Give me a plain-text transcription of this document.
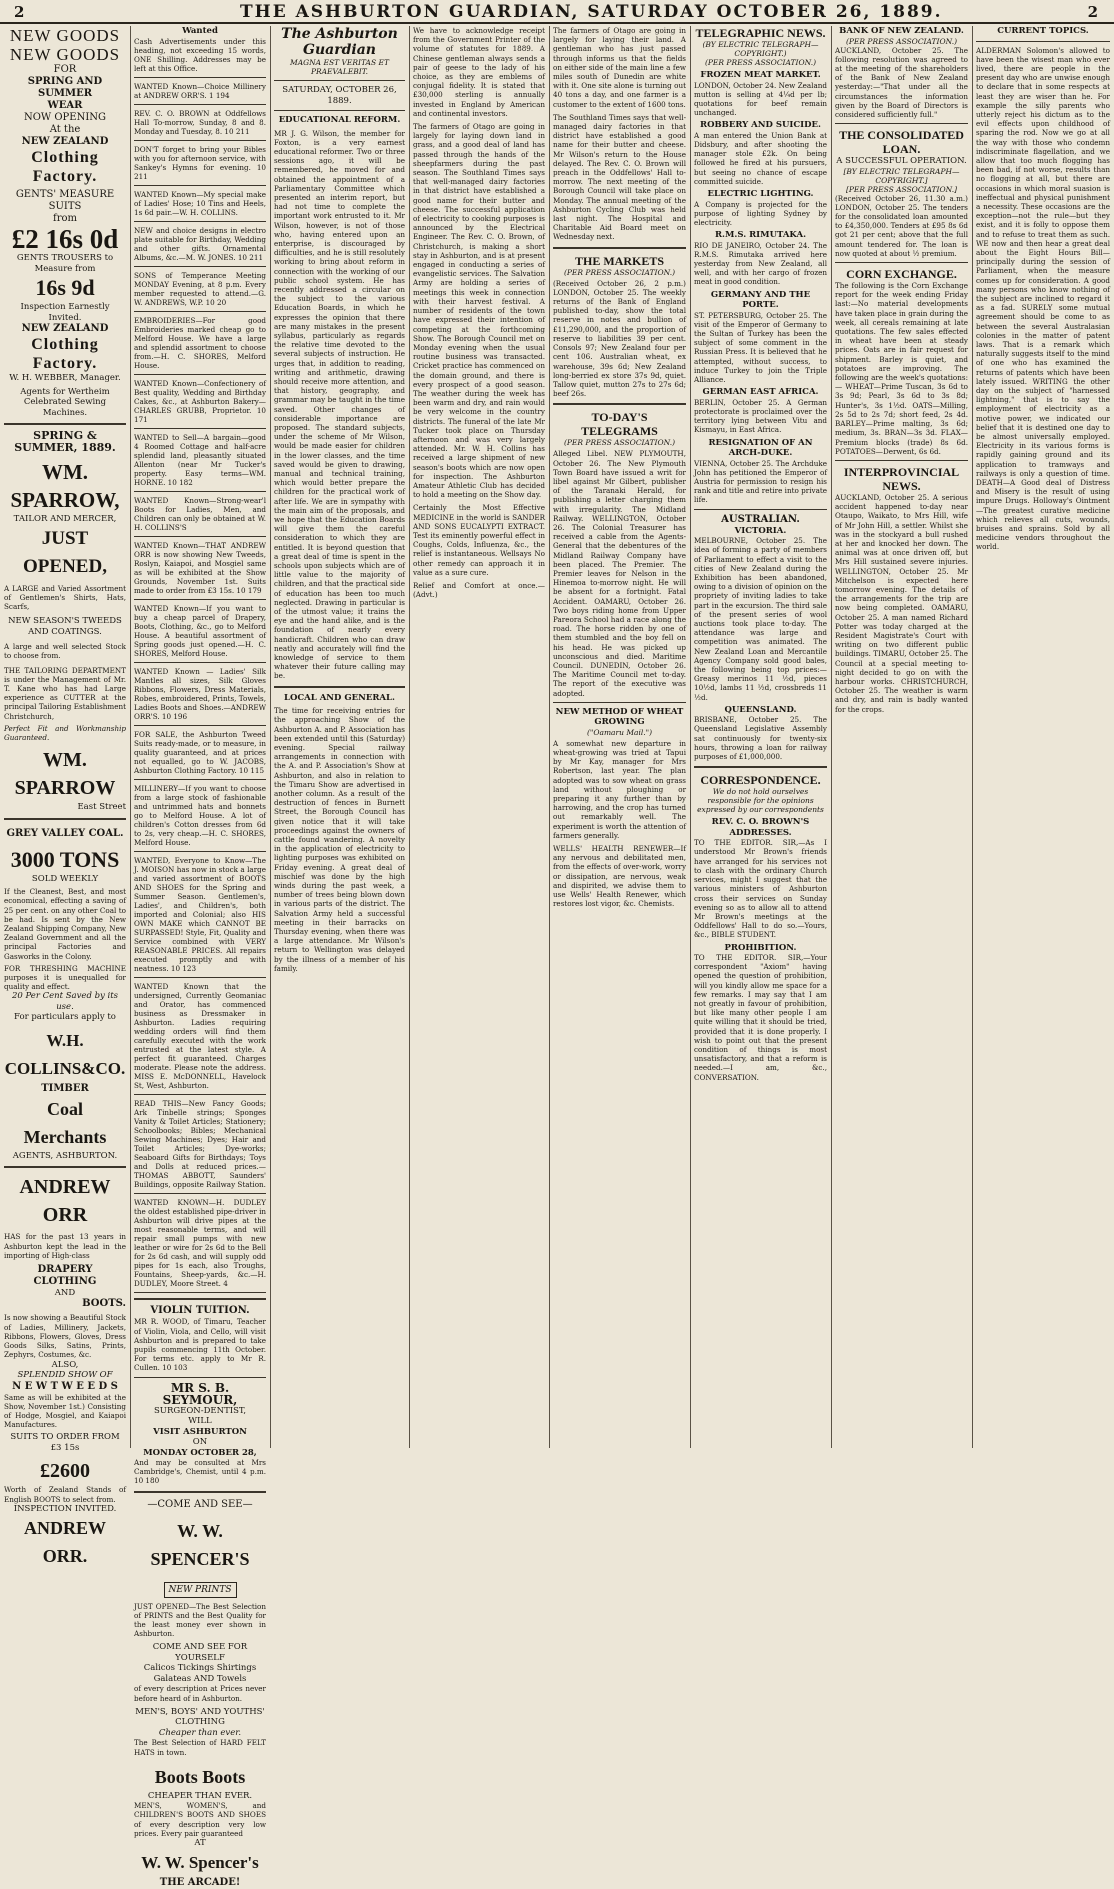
2	THE ASHBURTON GUARDIAN, SATURDAY OCTOBER 26, 1889.	2
NEW GOODS
NEW GOODS
FOR
SPRING AND SUMMER
WEAR
NOW OPENING
At the
NEW ZEALAND
Clothing Factory.
GENTS' MEASURE SUITS
from
£2 16s 0d
GENTS TROUSERS to Measure from
16s 9d
Inspection Earnestly Invited.
NEW ZEALAND
Clothing Factory.
W. H. WEBBER, Manager.
Agents for Wertheim Celebrated Sewing Machines.
SPRING & SUMMER, 1889.
WM. SPARROW,
TAILOR AND MERCER,
JUST OPENED,
A LARGE and Varied Assortment of Gentlemen's Shirts, Hats, Scarfs,
NEW SEASON'S TWEEDS AND COATINGS.
A large and well selected Stock to choose from.
THE TAILORING DEPARTMENT is under the Management of Mr. T. Kane who has had Large experience as CUTTER at the principal Tailoring Establishment Christchurch,
Perfect Fit and Workmanship Guaranteed.
WM. SPARROW
East Street
GREY VALLEY COAL.
3000 TONS
SOLD WEEKLY
If the Cleanest, Best, and most economical, effecting a saving of 25 per cent. on any other Coal to be had. Is sent by the New Zealand Shipping Company, New Zealand Government and all the principal Factories and Gasworks in the Colony.
FOR THRESHING MACHINE purposes it is unequalled for quality and effect.
20 Per Cent Saved by its use.
For particulars apply to
W.H. COLLINS&CO.
TIMBER
Coal Merchants
AGENTS, ASHBURTON.
ANDREW ORR
HAS for the past 13 years in Ashburton kept the lead in the importing of High-class
DRAPERY
CLOTHING
AND
BOOTS.
Is now showing a Beautiful Stock of Ladies, Millinery, Jackets, Ribbons, Flowers, Gloves, Dress Goods Silks, Satins, Prints, Zephyrs, Costumes, &c.
ALSO,
SPLENDID SHOW OF
N E W T W E E D S
Same as will be exhibited at the Show, November 1st.) Consisting of Hodge, Mosgiel, and Kaiapoi Manufactures.
SUITS TO ORDER FROM £3 15s
£2600
Worth of Zealand Stands of English BOOTS to select from.
INSPECTION INVITED.
ANDREW ORR.
Wanted
Cash Advertisements under this heading, not exceeding 15 words, ONE Shilling. Addresses may be left at this Office.
WANTED Known—Choice Millinery at ANDREW ORR'S. 1 194
REV. C. O. BROWN at Oddfellows Hall To-morrow, Sunday, 8 and 8. Monday and Tuesday, 8. 10 211
DON'T forget to bring your Bibles with you for afternoon service, with Sankey's Hymns for evening. 10 211
WANTED Known—My special make of Ladies' Hose; 10 Tins and Heels, 1s 6d pair.—W. H. COLLINS.
NEW and choice designs in electro plate suitable for Birthday, Wedding and other gifts. Ornamental Albums, &c.—M. W. JONES. 10 211
SONS of Temperance Meeting MONDAY Evening, at 8 p.m. Every member requested to attend.—G. W. ANDREWS, W.P. 10 20
EMBROIDERIES—For good Embroideries marked cheap go to Melford House. We have a large and splendid assortment to choose from.—H. C. SHORES, Melford House.
WANTED Known—Confectionery of Best quality, Wedding and Birthday Cakes, &c., at Ashburton Bakery—CHARLES GRUBB, Proprietor. 10 171
WANTED to Sell—A bargain—good 4 Roomed Cottage and half-acre splendid land, pleasantly situated Allenton (near Mr Tucker's property. Easy terms—WM. HORNE. 10 182
WANTED Known—Strong-wear'l Boots for Ladies, Men, and Children can only be obtained at W. H. COLLINS'S
WANTED Known—THAT ANDREW ORR is now showing New Tweeds, Roslyn, Kaiapoi, and Mosgiel same as will be exhibited at the Show Grounds, November 1st. Suits made to order from £3 15s. 10 179
WANTED Known—If you want to buy a cheap parcel of Drapery, Boots, Clothing, &c., go to Melford House. A beautiful assortment of Spring goods just opened.—H. C. SHORES, Melford House.
WANTED Known — Ladies' Silk Mantles all sizes, Silk Gloves Ribbons, Flowers, Dress Materials, Robes, embroidered, Prints, Towels, Ladies Boots and Shoes.—ANDREW ORR'S. 10 196
FOR SALE, the Ashburton Tweed Suits ready-made, or to measure, in quality guaranteed, and at prices not equalled, go to W. JACOBS, Ashburton Clothing Factory. 10 115
MILLINERY—If you want to choose from a large stock of fashionable and untrimmed hats and bonnets go to Melford House. A lot of children's Cotton dresses from 6d to 2s, very cheap.—H. C. SHORES, Melford House.
WANTED, Everyone to Know—The J. MOISON has now in stock a large and varied assortment of BOOTS AND SHOES for the Spring and Summer Season. Gentlemen's, Ladies', and Children's, both imported and Colonial; also HIS OWN MAKE which CANNOT BE SURPASSED! Style, Fit, Quality and Service combined with VERY REASONABLE PRICES. All repairs executed promptly and with neatness. 10 123
WANTED Known that the undersigned, Currently Geomaniac and Orator, has commenced business as Dressmaker in Ashburton. Ladies requiring wedding orders will find them carefully executed with the work entrusted at the latest style. A perfect fit guaranteed. Charges moderate. Please note the address. MISS E. McDONNELL, Havelock St, West, Ashburton.
READ THIS—New Fancy Goods; Ark Tinbelle strings; Sponges Vanity & Toilet Articles; Stationery; Schoolbooks; Bibles; Mechanical Sewing Machines; Dyes; Hair and Toilet Articles; Dye-works; Seaboard Gifts for Birthdays; Toys and Dolls at reduced prices.—THOMAS ABBOTT, Saunders' Buildings, opposite Railway Station.
WANTED KNOWN—H. DUDLEY the oldest established pipe-driver in Ashburton will drive pipes at the most reasonable terms, and will repair small pumps with new leather or wire for 2s 6d to the Bell for 2s 6d cash, and will supply odd pipes for 1s each, also Troughs, Fountains, Sheep-yards, &c.—H. DUDLEY, Moore Street. 4
VIOLIN TUITION.
MR R. WOOD, of Timaru, Teacher of Violin, Viola, and Cello, will visit Ashburton and is prepared to take pupils commencing 11th October. For terms etc. apply to Mr R. Cullen. 10 103
MR S. B. SEYMOUR,
SURGEON-DENTIST,
WILL
VISIT ASHBURTON
ON
MONDAY OCTOBER 28,
And may be consulted at Mrs Cambridge's, Chemist, until 4 p.m. 10 180
—COME AND SEE—
W. W. SPENCER'S
NEW PRINTS
JUST OPENED—The Best Selection of PRINTS and the Best Quality for the least money ever shown in Ashburton.
COME AND SEE FOR YOURSELF
Calicos Tickings Shirtings Galateas AND Towels
of every description at Prices never before heard of in Ashburton.
MEN'S, BOYS' AND YOUTHS' CLOTHING
Cheaper than ever.
The Best Selection of HARD FELT HATS in town.
Boots Boots
CHEAPER THAN EVER.
MEN'S, WOMEN'S, and CHILDREN'S BOOTS AND SHOES of every description very low prices. Every pair guaranteed
AT
W. W. Spencer's
THE ARCADE!
The Ashburton Guardian
MAGNA EST VERITAS ET PRAEVALEBIT.
SATURDAY, OCTOBER 26, 1889.
EDUCATIONAL REFORM.
MR J. G. Wilson, the member for Foxton, is a very earnest educational reformer. Two or three sessions ago, it will be remembered, he moved for and obtained the appointment of a Parliamentary Committee which presented an interim report, but had not time to complete the important work entrusted to it. Mr Wilson, however, is not of those who, having entered upon an enterprise, is discouraged by difficulties, and he is still resolutely working to bring about reform in connection with the working of our public school system. He has recently addressed a circular on the subject to the various Education Boards, in which he expresses the opinion that there are many mistakes in the present syllabus, particularly as regards the relative time devoted to the several subjects of instruction. He urges that, in addition to reading, writing and arithmetic, drawing should receive more attention, and that history, geography, and grammar may be taught in the time saved. Other changes of considerable importance are proposed. The standard subjects, under the scheme of Mr Wilson, would be made easier for children in the lower classes, and the time saved would be given to drawing, manual and technical training, which would better prepare the children for the practical work of after life. We are in sympathy with the main aim of the proposals, and we hope that the Education Boards will give them the careful consideration to which they are entitled. It is beyond question that a great deal of time is spent in the schools upon subjects which are of little value to the majority of children, and that the practical side of education has been too much neglected. Drawing in particular is of the utmost value; it trains the eye and the hand alike, and is the foundation of nearly every handicraft. Children who can draw neatly and accurately will find the knowledge of service to them whatever their future calling may be.
LOCAL AND GENERAL.
The time for receiving entries for the approaching Show of the Ashburton A. and P. Association has been extended until this (Saturday) evening. Special railway arrangements in connection with the A. and P. Association's Show at Ashburton, and also in relation to the Timaru Show are advertised in another column. As a result of the destruction of fences in Burnett Street, the Borough Council has given notice that it will take proceedings against the owners of cattle found wandering. A novelty in the application of electricity to lighting purposes was exhibited on Friday evening. A great deal of mischief was done by the high winds during the past week, a number of trees being blown down in various parts of the district. The Salvation Army held a successful meeting in their barracks on Thursday evening, when there was a large attendance. Mr Wilson's return to Wellington was delayed by the illness of a member of his family.
We have to acknowledge receipt from the Government Printer of the volume of statutes for 1889. A Chinese gentleman always sends a pair of geese to the lady of his choice, as they are emblems of conjugal fidelity. It is stated that £30,000 sterling is annually invested in England by American and continental investors.
The farmers of Otago are going in largely for laying down land in grass, and a good deal of land has passed through the hands of the sheepfarmers during the past season. The Southland Times says that well-managed dairy factories in that district have established a good name for their butter and cheese. The successful application of electricity to cooking purposes is announced by the Electrical Engineer. The Rev. C. O. Brown, of Christchurch, is making a short stay in Ashburton, and is at present engaged in conducting a series of evangelistic services. The Salvation Army are holding a series of meetings this week in connection with their harvest festival. A number of residents of the town have expressed their intention of competing at the forthcoming Show. The Borough Council met on Monday evening when the usual routine business was transacted. Cricket practice has commenced on the domain ground, and there is every prospect of a good season. The weather during the week has been warm and dry, and rain would be very welcome in the country districts. The funeral of the late Mr Tucker took place on Thursday afternoon and was very largely attended. Mr. W. H. Collins has received a large shipment of new season's boots which are now open for inspection. The Ashburton Amateur Athletic Club has decided to hold a meeting on the Show day.
Certainly the Most Effective MEDICINE in the world is SANDER AND SONS EUCALYPTI EXTRACT. Test its eminently powerful effect in Coughs, Colds, Influenza, &c., the relief is instantaneous. Wellsays No other remedy can approach it in value as a sure cure.
Relief and Comfort at once.—(Advt.)
The farmers of Otago are going in largely for laying their land. A gentleman who has just passed through informs us that the fields on either side of the main line a few miles south of Dunedin are white with it. One site alone is turning out 40 tons a day, and one farmer is a customer to the extent of 1600 tons.
The Southland Times says that well-managed dairy factories in that district have established a good name for their butter and cheese. Mr Wilson's return to the House delayed. The Rev. C. O. Brown will preach in the Oddfellows' Hall to-morrow. The next meeting of the Borough Council will take place on Monday. The annual meeting of the Ashburton Cycling Club was held last night. The Hospital and Charitable Aid Board meet on Wednesday next.
THE MARKETS
(PER PRESS ASSOCIATION.)
(Received October 26, 2 p.m.) LONDON, October 25. The weekly returns of the Bank of England published to-day, show the total reserve in notes and bullion of £11,290,000, and the proportion of reserve to liabilities 39 per cent. Consols 97; New Zealand four per cent 106. Australian wheat, ex warehouse, 39s 6d; New Zealand long-berried ex store 37s 9d, quiet. Tallow quiet, mutton 27s to 27s 6d; beef 26s.
TO-DAY'S TELEGRAMS
(PER PRESS ASSOCIATION.)
Alleged Libel. NEW PLYMOUTH, October 26. The New Plymouth Town Board have issued a writ for libel against Mr Gilbert, publisher of the Taranaki Herald, for publishing a letter charging them with irregularity. The Midland Railway. WELLINGTON, October 26. The Colonial Treasurer has received a cable from the Agents-General that the debentures of the Midland Railway Company have been placed. The Premier. The Premier leaves for Nelson in the Hinemoa to-morrow night. He will be absent for a fortnight. Fatal Accident. OAMARU, October 26. Two boys riding home from Upper Pareora School had a race along the road. The horse ridden by one of them stumbled and the boy fell on his head. He was picked up unconscious and died. Maritime Council. DUNEDIN, October 26. The Maritime Council met to-day. The report of the executive was adopted.
NEW METHOD OF WHEAT GROWING
("Oamaru Mail.")
A somewhat new departure in wheat-growing was tried at Tapui by Mr Kay, manager for Mrs Robertson, last year. The plan adopted was to sow wheat on grass land without ploughing or preparing it any further than by harrowing, and the crop has turned out remarkably well. The experiment is worth the attention of farmers generally.
WELLS' HEALTH RENEWER—If any nervous and debilitated men, from the effects of over-work, worry or dissipation, are nervous, weak and dispirited, we advise them to use Wells' Health Renewer, which restores lost vigor, &c. Chemists.
TELEGRAPHIC NEWS.
(BY ELECTRIC TELEGRAPH—COPYRIGHT.)
(PER PRESS ASSOCIATION.)
FROZEN MEAT MARKET.
LONDON, October 24. New Zealand mutton is selling at 4¼d per lb; quotations for beef remain unchanged.
ROBBERY AND SUICIDE.
A man entered the Union Bank at Didsbury, and after shooting the manager stole £2k. On being followed he fired at his pursuers, but seeing no chance of escape committed suicide.
ELECTRIC LIGHTING.
A Company is projected for the purpose of lighting Sydney by electricity.
R.M.S. RIMUTAKA.
RIO DE JANEIRO, October 24. The R.M.S. Rimutaka arrived here yesterday from New Zealand, all well, and with her cargo of frozen meat in good condition.
GERMANY AND THE PORTE.
ST. PETERSBURG, October 25. The visit of the Emperor of Germany to the Sultan of Turkey has been the subject of some comment in the Russian Press. It is believed that he attempted, without success, to induce Turkey to join the Triple Alliance.
GERMAN EAST AFRICA.
BERLIN, October 25. A German protectorate is proclaimed over the territory lying between Vitu and Kismayu, in East Africa.
RESIGNATION OF AN ARCH-DUKE.
VIENNA, October 25. The Archduke John has petitioned the Emperor of Austria for permission to resign his rank and title and retire into private life.
AUSTRALIAN.
VICTORIA.
MELBOURNE, October 25. The idea of forming a party of members of Parliament to effect a visit to the cities of New Zealand during the Exhibition has been abandoned, owing to a division of opinion on the propriety of inviting ladies to take part in the excursion. The third sale of the present series of wool auctions took place to-day. The attendance was large and competition was animated. The New Zealand Loan and Mercantile Agency Company sold good bales, the following being top prices:—Greasy merinos 11 ½d, pieces 10½d, lambs 11 ½d, crossbreds 11 ½d.
QUEENSLAND.
BRISBANE, October 25. The Queensland Legislative Assembly sat continuously for twenty-six hours, throwing a loan for railway purposes of £1,000,000.
CORRESPONDENCE.
We do not hold ourselves responsible for the opinions expressed by our correspondents
REV. C. O. BROWN'S ADDRESSES.
TO THE EDITOR. SIR,—As I understood Mr Brown's friends have arranged for his services not to clash with the ordinary Church services, might I suggest that the various ministers of Ashburton cross their services on Sunday evening so as to allow all to attend Mr Brown's meetings at the Oddfellows' Hall to do so.—Yours, &c., BIBLE STUDENT.
PROHIBITION.
TO THE EDITOR. SIR,—Your correspondent "Axiom" having opened the question of prohibition, will you kindly allow me space for a few remarks. I may say that I am not greatly in favour of prohibition, but like many other people I am quite willing that it should be tried, provided that it is done properly. I wish to point out that the present condition of things is most unsatisfactory, and that a reform is needed.—I am, &c., CONVERSATION.
BANK OF NEW ZEALAND.
(PER PRESS ASSOCIATION.)
AUCKLAND, October 25. The following resolution was agreed to at the meeting of the shareholders of the Bank of New Zealand yesterday:—"That under all the circumstances the information given by the Board of Directors is considered sufficiently full."
THE CONSOLIDATED LOAN.
A SUCCESSFUL OPERATION.
[BY ELECTRIC TELEGRAPH—COPYRIGHT.]
[PER PRESS ASSOCIATION.]
(Received October 26, 11.30 a.m.) LONDON, October 25. The tenders for the consolidated loan amounted to £4,350,000. Tenders at £95 8s 6d got 21 per cent; above that the full amount tendered for. The loan is now quoted at about ½ premium.
CORN EXCHANGE.
The following is the Corn Exchange report for the week ending Friday last:—No material developments have taken place in grain during the week, all cereals remaining at late quotations. The few sales effected in wheat have been at steady prices. Oats are in fair request for shipment. Barley is quiet, and potatoes are improving. The following are the week's quotations:— WHEAT—Prime Tuscan, 3s 6d to 3s 9d; Pearl, 3s 6d to 3s 8d; Hunter's, 3s 1½d. OATS—Milling, 2s 5d to 2s 7d; short feed, 2s 4d. BARLEY—Prime malting, 3s 6d; medium, 3s. BRAN—3s 3d. FLAX—Premium blocks (trade) 8s 6d. POTATOES—Derwent, 6s 6d.
INTERPROVINCIAL NEWS.
AUCKLAND, October 25. A serious accident happened to-day near Otaupo, Waikato, to Mrs Hill, wife of Mr John Hill, a settler. Whilst she was in the stockyard a bull rushed at her and knocked her down. The animal was at once driven off, but Mrs Hill sustained severe injuries. WELLINGTON, October 25. Mr Mitchelson is expected here tomorrow evening. The details of the arrangements for the trip are now being completed. OAMARU, October 25. A man named Richard Potter was today charged at the Resident Magistrate's Court with writing on two different public buildings. TIMARU, October 25. The Council at a special meeting to-night decided to go on with the harbour works. CHRISTCHURCH, October 25. The weather is warm and dry, and rain is badly wanted for the crops.
CURRENT TOPICS.
ALDERMAN Solomon's allowed to have been the wisest man who ever lived, there are people in the present day who are unwise enough to declare that in some respects at least they are wiser than he. For example the silly parents who utterly reject his dictum as to the evil effects upon childhood of sparing the rod. Now we go at all the way with those who condemn indiscriminate flagellation, and we allow that too much flogging has been bad, if not worse, results than no flogging at all, but there are occasions in which moral suasion is ineffectual and physical punishment a necessity. These occasions are the exception—not the rule—but they exist, and it is folly to oppose them and to refuse to treat them as such. WE now and then hear a great deal about the Eight Hours Bill—principally during the session of Parliament, when the measure comes up for consideration. A good many persons who know nothing of the subject are inclined to regard it as a fad. SURELY some mutual agreement should be come to as between the several Australasian colonies in the matter of patent laws. That is a remark which naturally suggests itself to the mind of one who has examined the returns of patents which have been lately issued. WRITING the other day on the subject of "harnessed lightning," that is to say the employment of electricity as a motive power, we indicated our belief that it is destined one day to be almost universally employed. Electricity in its various forms is rapidly gaining ground and its application to tramways and railways is only a question of time. DEATH—A Good deal of Distress and Misery is the result of using impure Drugs. Holloway's Ointment—The greatest curative medicine which relieves all cuts, wounds, bruises and sprains. Sold by all medicine vendors throughout the world.
